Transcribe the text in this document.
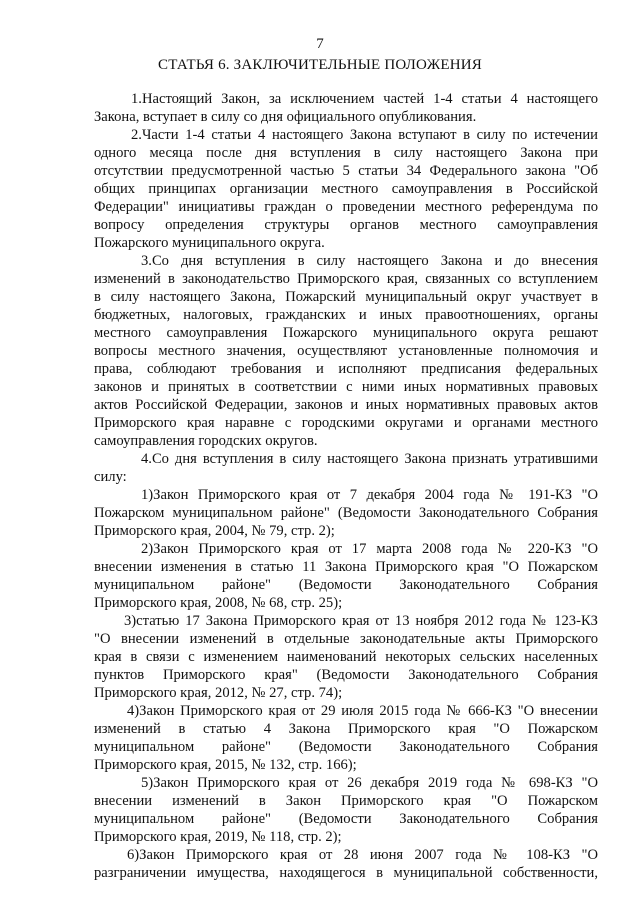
7
СТАТЬЯ 6. ЗАКЛЮЧИТЕЛЬНЫЕ ПОЛОЖЕНИЯ
1.Настоящий Закон, за исключением частей 1-4 статьи 4 настоящего
Закона, вступает в силу со дня официального опубликования.
2.Части 1-4 статьи 4 настоящего Закона вступают в силу по истечении
одного месяца после дня вступления в силу настоящего Закона при
отсутствии предусмотренной частью 5 статьи 34 Федерального закона "Об
общих принципах организации местного самоуправления в Российской
Федерации" инициативы граждан о проведении местного референдума по
вопросу определения структуры органов местного самоуправления
Пожарского муниципального округа.
3.Со дня вступления в силу настоящего Закона и до внесения
изменений в законодательство Приморского края, связанных со вступлением
в силу настоящего Закона, Пожарский муниципальный округ участвует в
бюджетных, налоговых, гражданских и иных правоотношениях, органы
местного самоуправления Пожарского муниципального округа решают
вопросы местного значения, осуществляют установленные полномочия и
права, соблюдают требования и исполняют предписания федеральных
законов и принятых в соответствии с ними иных нормативных правовых
актов Российской Федерации, законов и иных нормативных правовых актов
Приморского края наравне с городскими округами и органами местного
самоуправления городских округов.
4.Со дня вступления в силу настоящего Закона признать утратившими
силу:
1)Закон Приморского края от 7 декабря 2004 года № 191-КЗ "О
Пожарском муниципальном районе" (Ведомости Законодательного Собрания
Приморского края, 2004, № 79, стр. 2);
2)Закон Приморского края от 17 марта 2008 года № 220-КЗ "О
внесении изменения в статью 11 Закона Приморского края "О Пожарском
муниципальном районе" (Ведомости Законодательного Собрания
Приморского края, 2008, № 68, стр. 25);
3)статью 17 Закона Приморского края от 13 ноября 2012 года № 123-КЗ
"О внесении изменений в отдельные законодательные акты Приморского
края в связи с изменением наименований некоторых сельских населенных
пунктов Приморского края" (Ведомости Законодательного Собрания
Приморского края, 2012, № 27, стр. 74);
4)Закон Приморского края от 29 июля 2015 года № 666-КЗ "О внесении
изменений в статью 4 Закона Приморского края "О Пожарском
муниципальном районе" (Ведомости Законодательного Собрания
Приморского края, 2015, № 132, стр. 166);
5)Закон Приморского края от 26 декабря 2019 года № 698-КЗ "О
внесении изменений в Закон Приморского края "О Пожарском
муниципальном районе" (Ведомости Законодательного Собрания
Приморского края, 2019, № 118, стр. 2);
6)Закон Приморского края от 28 июня 2007 года № 108-КЗ "О
разграничении имущества, находящегося в муниципальной собственности,
